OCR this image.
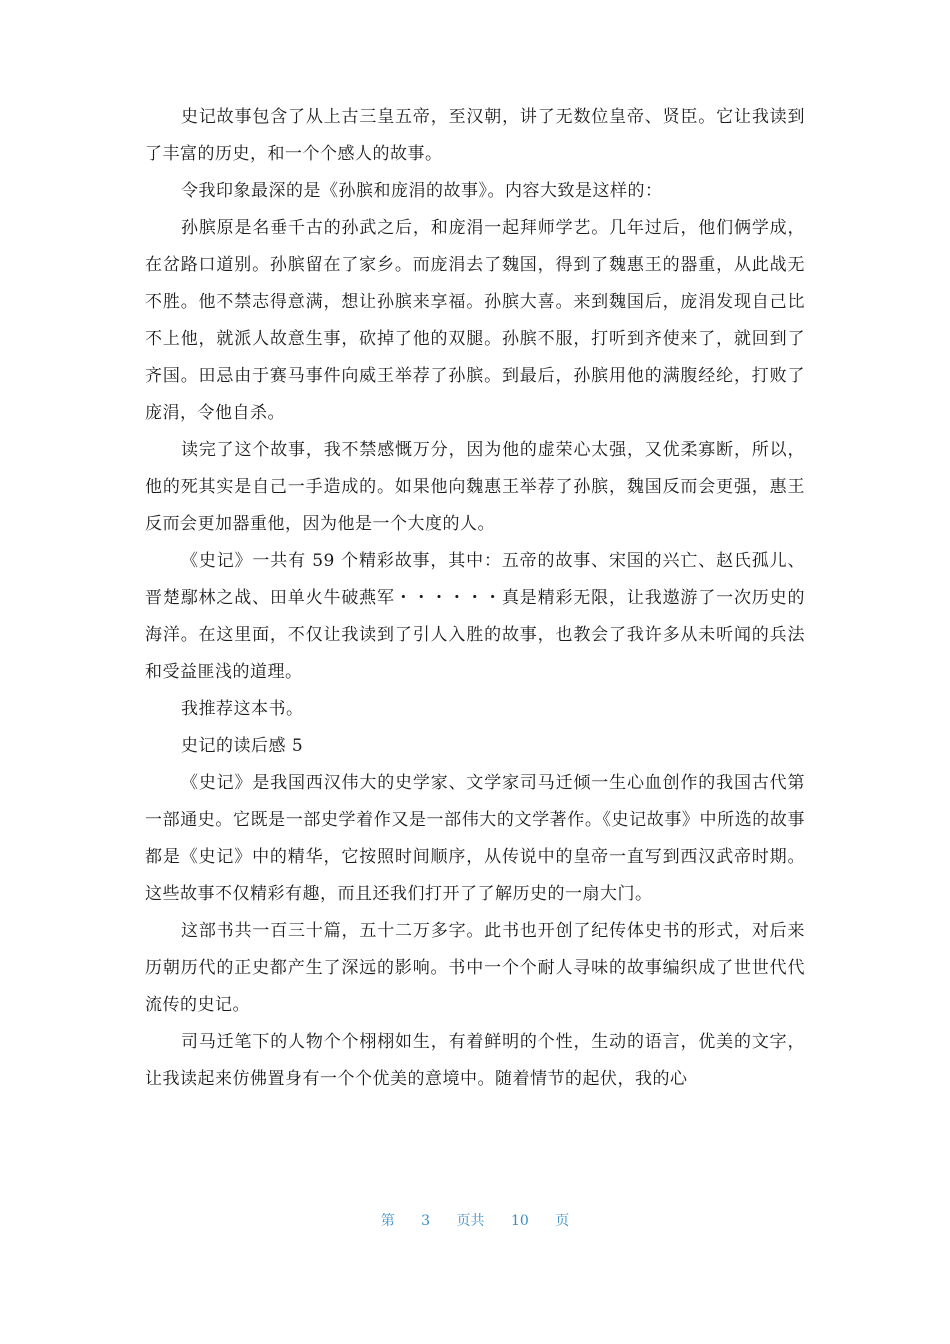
史记故事包含了从上古三皇五帝，至汉朝，讲了无数位皇帝、贤臣。它让我读到了丰富的历史，和一个个感人的故事。

令我印象最深的是《孙膑和庞涓的故事》。内容大致是这样的：

孙膑原是名垂千古的孙武之后，和庞涓一起拜师学艺。几年过后，他们俩学成，在岔路口道别。孙膑留在了家乡。而庞涓去了魏国，得到了魏惠王的器重，从此战无不胜。他不禁志得意满，想让孙膑来享福。孙膑大喜。来到魏国后，庞涓发现自己比不上他，就派人故意生事，砍掉了他的双腿。孙膑不服，打听到齐使来了，就回到了齐国。田忌由于赛马事件向威王举荐了孙膑。到最后，孙膑用他的满腹经纶，打败了庞涓，令他自杀。

读完了这个故事，我不禁感慨万分，因为他的虚荣心太强，又优柔寡断，所以，他的死其实是自己一手造成的。如果他向魏惠王举荐了孙膑，魏国反而会更强，惠王反而会更加器重他，因为他是一个大度的人。

《史记》一共有 59 个精彩故事，其中：五帝的故事、宋国的兴亡、赵氏孤儿、晋楚鄢林之战、田单火牛破燕军・・・・・・真是精彩无限，让我遨游了一次历史的海洋。在这里面，不仅让我读到了引人入胜的故事，也教会了我许多从未听闻的兵法和受益匪浅的道理。

我推荐这本书。

史记的读后感 5

《史记》是我国西汉伟大的史学家、文学家司马迁倾一生心血创作的我国古代第一部通史。它既是一部史学着作又是一部伟大的文学著作。《史记故事》中所选的故事都是《史记》中的精华，它按照时间顺序，从传说中的皇帝一直写到西汉武帝时期。这些故事不仅精彩有趣，而且还我们打开了了解历史的一扇大门。

这部书共一百三十篇，五十二万多字。此书也开创了纪传体史书的形式，对后来历朝历代的正史都产生了深远的影响。书中一个个耐人寻味的故事编织成了世世代代流传的史记。

司马迁笔下的人物个个栩栩如生，有着鲜明的个性，生动的语言，优美的文字，让我读起来仿佛置身有一个个优美的意境中。随着情节的起伏，我的心

第 3 页共 10 页
